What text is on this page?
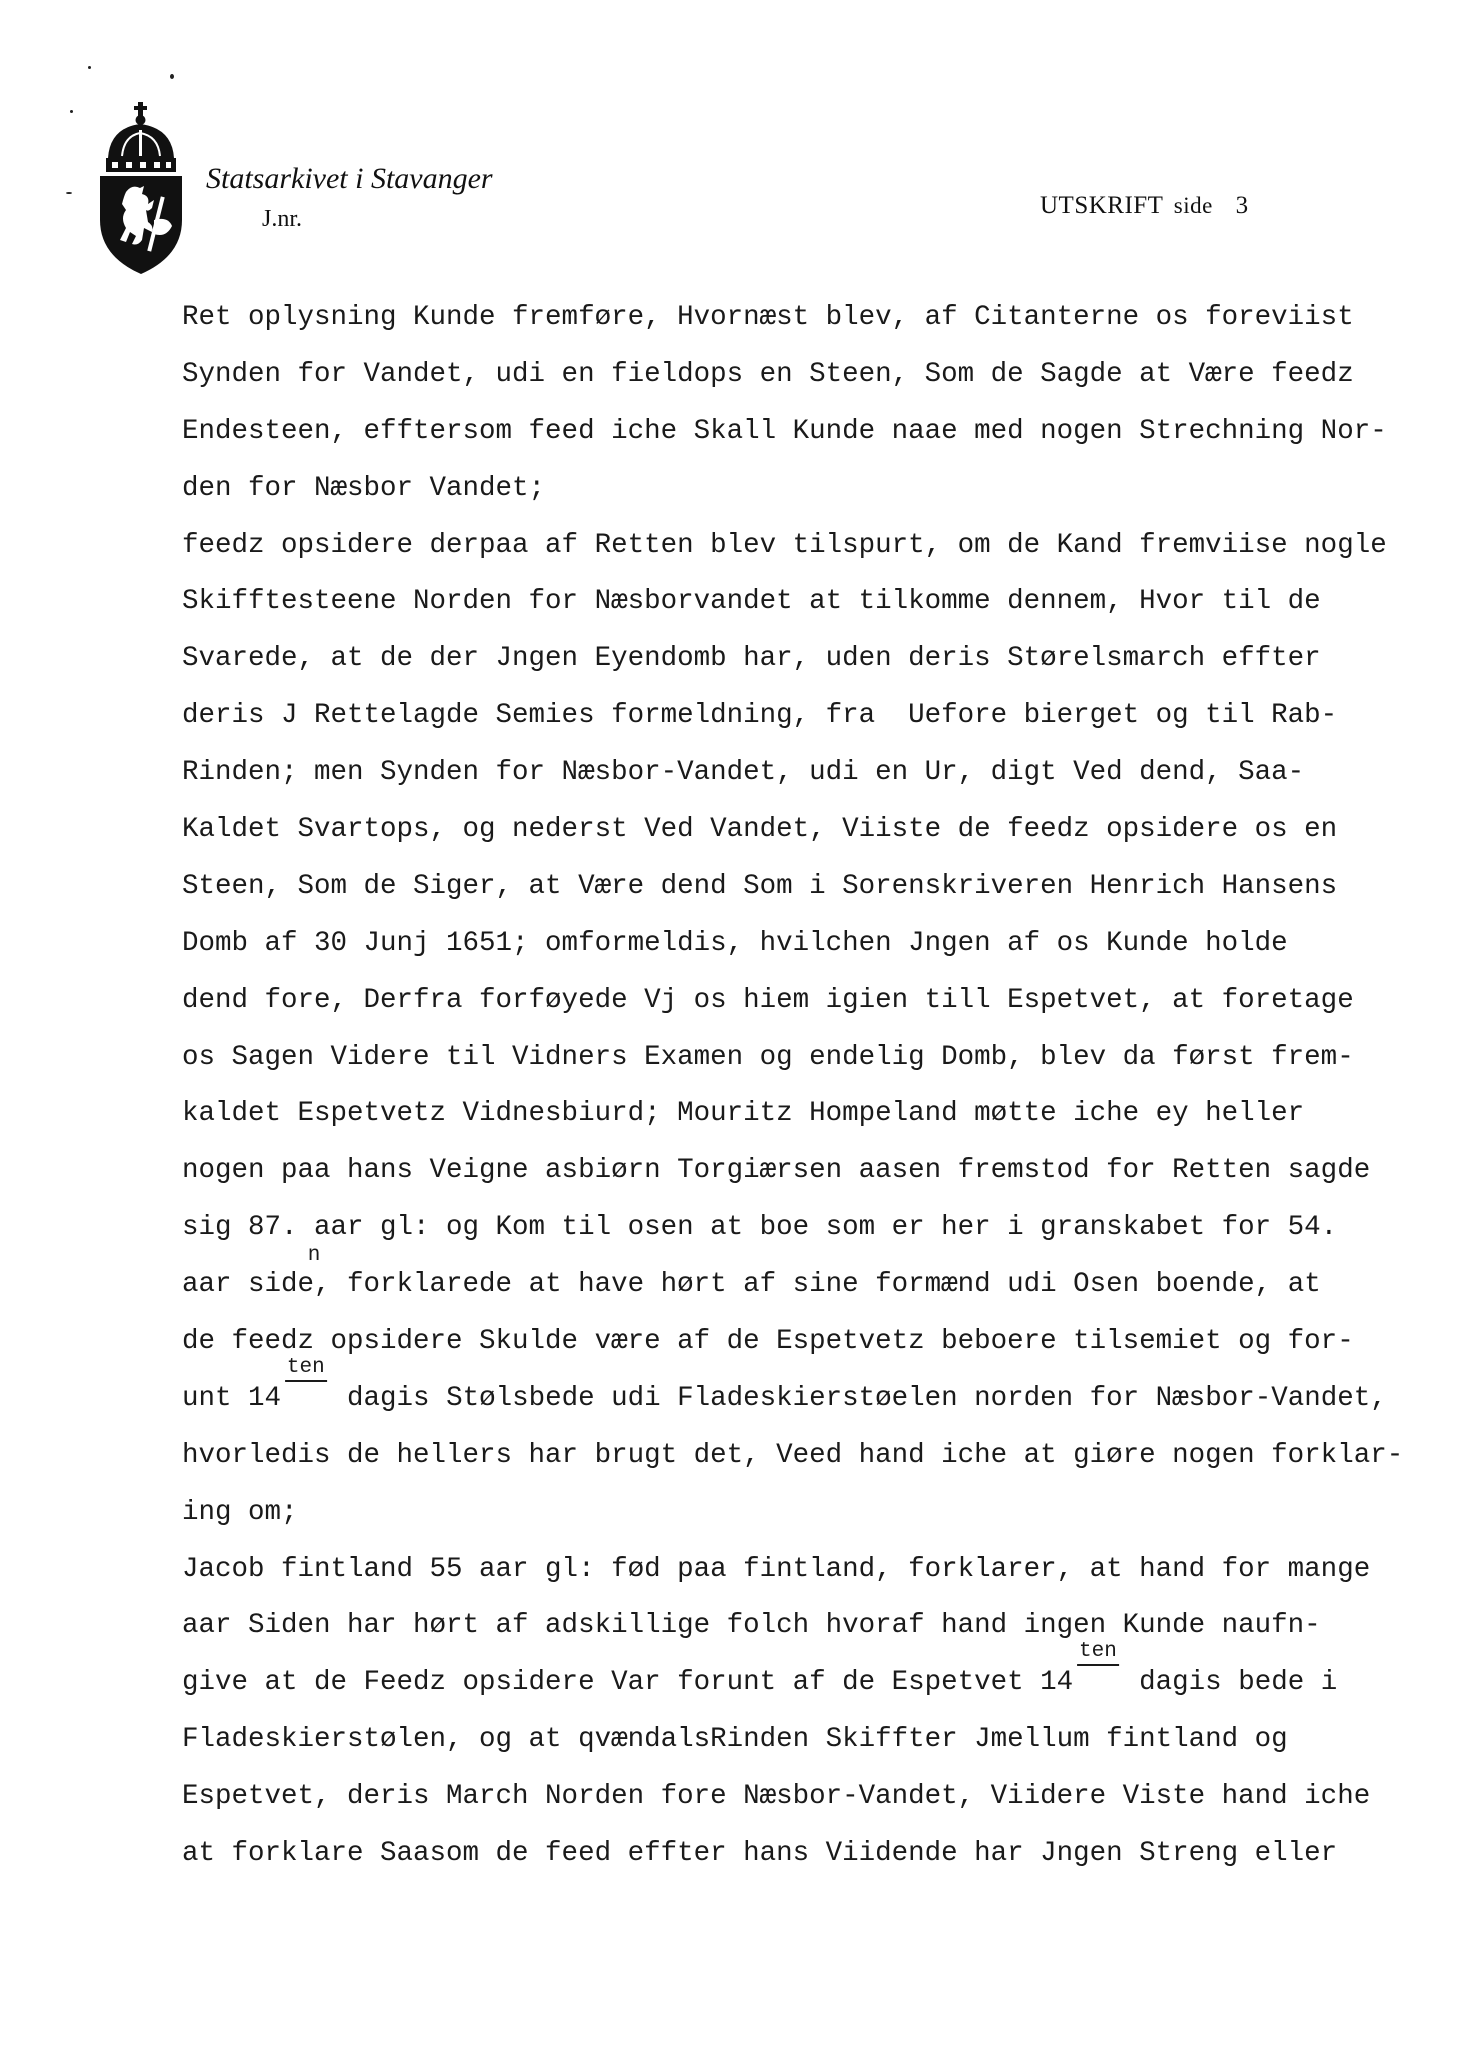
Statsarkivet i Stavanger
J.nr.	UTSKRIFT side 3
Ret oplysning Kunde fremføre, Hvornæst blev, af Citanterne os foreviist
Synden for Vandet, udi en fieldops en Steen, Som de Sagde at Være feedz
Endesteen, efftersom feed iche Skall Kunde naae med nogen Strechning Nor-
den for Næsbor Vandet;
feedz opsidere derpaa af Retten blev tilspurt, om de Kand fremviise nogle
Skifftesteene Norden for Næsborvandet at tilkomme dennem, Hvor til de
Svarede, at de der Jngen Eyendomb har, uden deris Størelsmarch effter
deris J Rettelagde Semies formeldning, fra  Uefore bierget og til Rab-
Rinden; men Synden for Næsbor-Vandet, udi en Ur, digt Ved dend, Saa-
Kaldet Svartops, og nederst Ved Vandet, Viiste de feedz opsidere os en
Steen, Som de Siger, at Være dend Som i Sorenskriveren Henrich Hansens
Domb af 30 Junj 1651; omformeldis, hvilchen Jngen af os Kunde holde
dend fore, Derfra forføyede Vj os hiem igien till Espetvet, at foretage
os Sagen Videre til Vidners Examen og endelig Domb, blev da først frem-
kaldet Espetvetz Vidnesbiurd; Mouritz Hompeland møtte iche ey heller
nogen paa hans Veigne asbiørn Torgiærsen aasen fremstod for Retten sagde
sig 87. aar gl: og Kom til osen at boe som er her i granskabet for 54.
aar side
n
, forklarede at have hørt af sine formænd udi Osen boende, at
de feedz opsidere Skulde være af de Espetvetz beboere tilsemiet og for-
unt 14
ten
dagis Stølsbede udi Fladeskierstøelen norden for Næsbor-Vandet,
hvorledis de hellers har brugt det, Veed hand iche at giøre nogen forklar-
ing om;
Jacob fintland 55 aar gl: fød paa fintland, forklarer, at hand for mange
aar Siden har hørt af adskillige folch hvoraf hand ingen Kunde naufn-
give at de Feedz opsidere Var forunt af de Espetvet 14
ten
dagis bede i
Fladeskierstølen, og at qvændalsRinden Skiffter Jmellum fintland og
Espetvet, deris March Norden fore Næsbor-Vandet, Viidere Viste hand iche
at forklare Saasom de feed effter hans Viidende har Jngen Streng eller
